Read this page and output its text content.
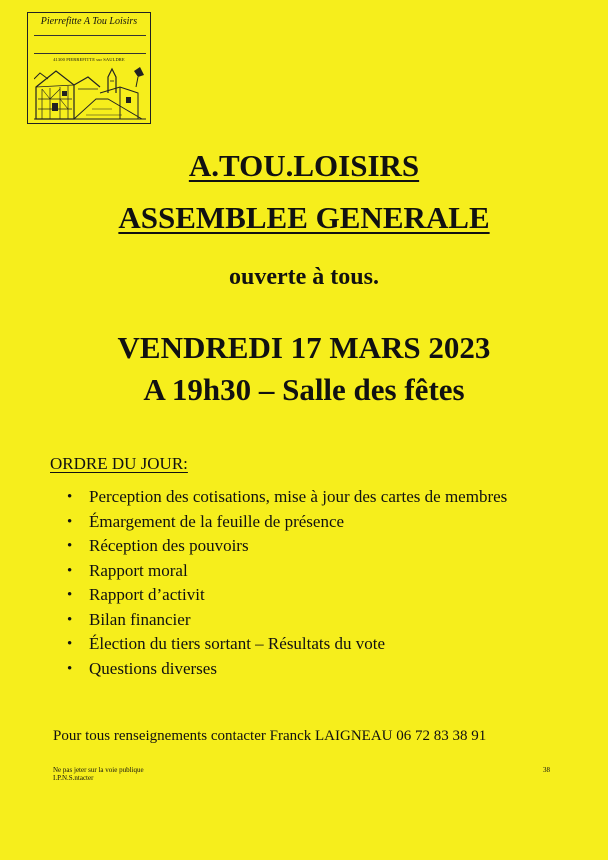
Pierrefitte A Tou Loisirs
41300 PIERREFITTE sur SAULDRE
A.TOU.LOISIRS
ASSEMBLEE GENERALE
ouverte à tous.
VENDREDI 17 MARS 2023
A 19h30 – Salle des fêtes
ORDRE DU JOUR:
• Perception des cotisations, mise à jour des cartes de membres
• Émargement de la feuille de présence
• Réception des pouvoirs
• Rapport moral
• Rapport d’activit
• Bilan financier
• Élection du tiers sortant – Résultats du vote
• Questions diverses
Pour tous renseignements contacter Franck LAIGNEAU 06 72 83 38 91
Ne pas jeter sur la voie publique
I.P.N.S.ntacter
38
